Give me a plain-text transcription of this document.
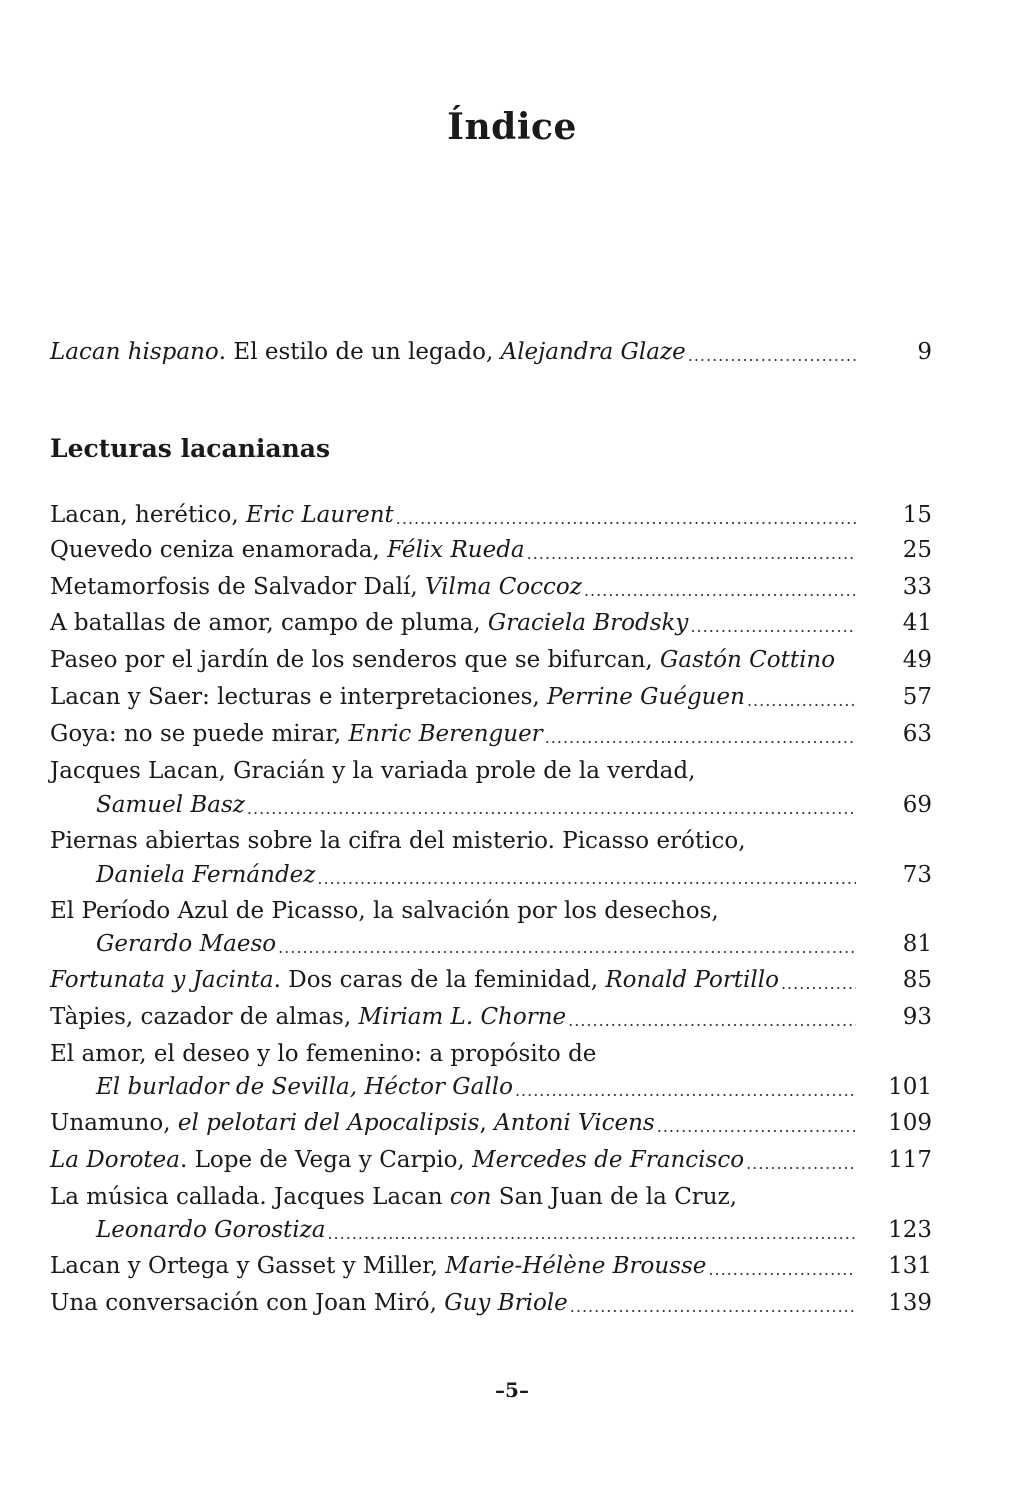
Índice
Lacan hispano. El estilo de un legado, Alejandra Glaze .....	9
Lecturas lacanianas
Lacan, herético, Eric Laurent .....	15
Quevedo ceniza enamorada, Félix Rueda .....	25
Metamorfosis de Salvador Dalí, Vilma Coccoz .....	33
A batallas de amor, campo de pluma, Graciela Brodsky .....	41
Paseo por el jardín de los senderos que se bifurcan, Gastón Cottino	49
Lacan y Saer: lecturas e interpretaciones, Perrine Guéguen .....	57
Goya: no se puede mirar, Enric Berenguer .....	63
Jacques Lacan, Gracián y la variada prole de la verdad,
Samuel Basz .....	69
Piernas abiertas sobre la cifra del misterio. Picasso erótico,
Daniela Fernández .....	73
El Período Azul de Picasso, la salvación por los desechos,
Gerardo Maeso .....	81
Fortunata y Jacinta. Dos caras de la feminidad, Ronald Portillo .....	85
Tàpies, cazador de almas, Miriam L. Chorne .....	93
El amor, el deseo y lo femenino: a propósito de
El burlador de Sevilla, Héctor Gallo .....	101
Unamuno, el pelotari del Apocalipsis, Antoni Vicens .....	109
La Dorotea. Lope de Vega y Carpio, Mercedes de Francisco .....	117
La música callada. Jacques Lacan con San Juan de la Cruz,
Leonardo Gorostiza .....	123
Lacan y Ortega y Gasset y Miller, Marie-Hélène Brousse .....	131
Una conversación con Joan Miró, Guy Briole .....	139
–5–
